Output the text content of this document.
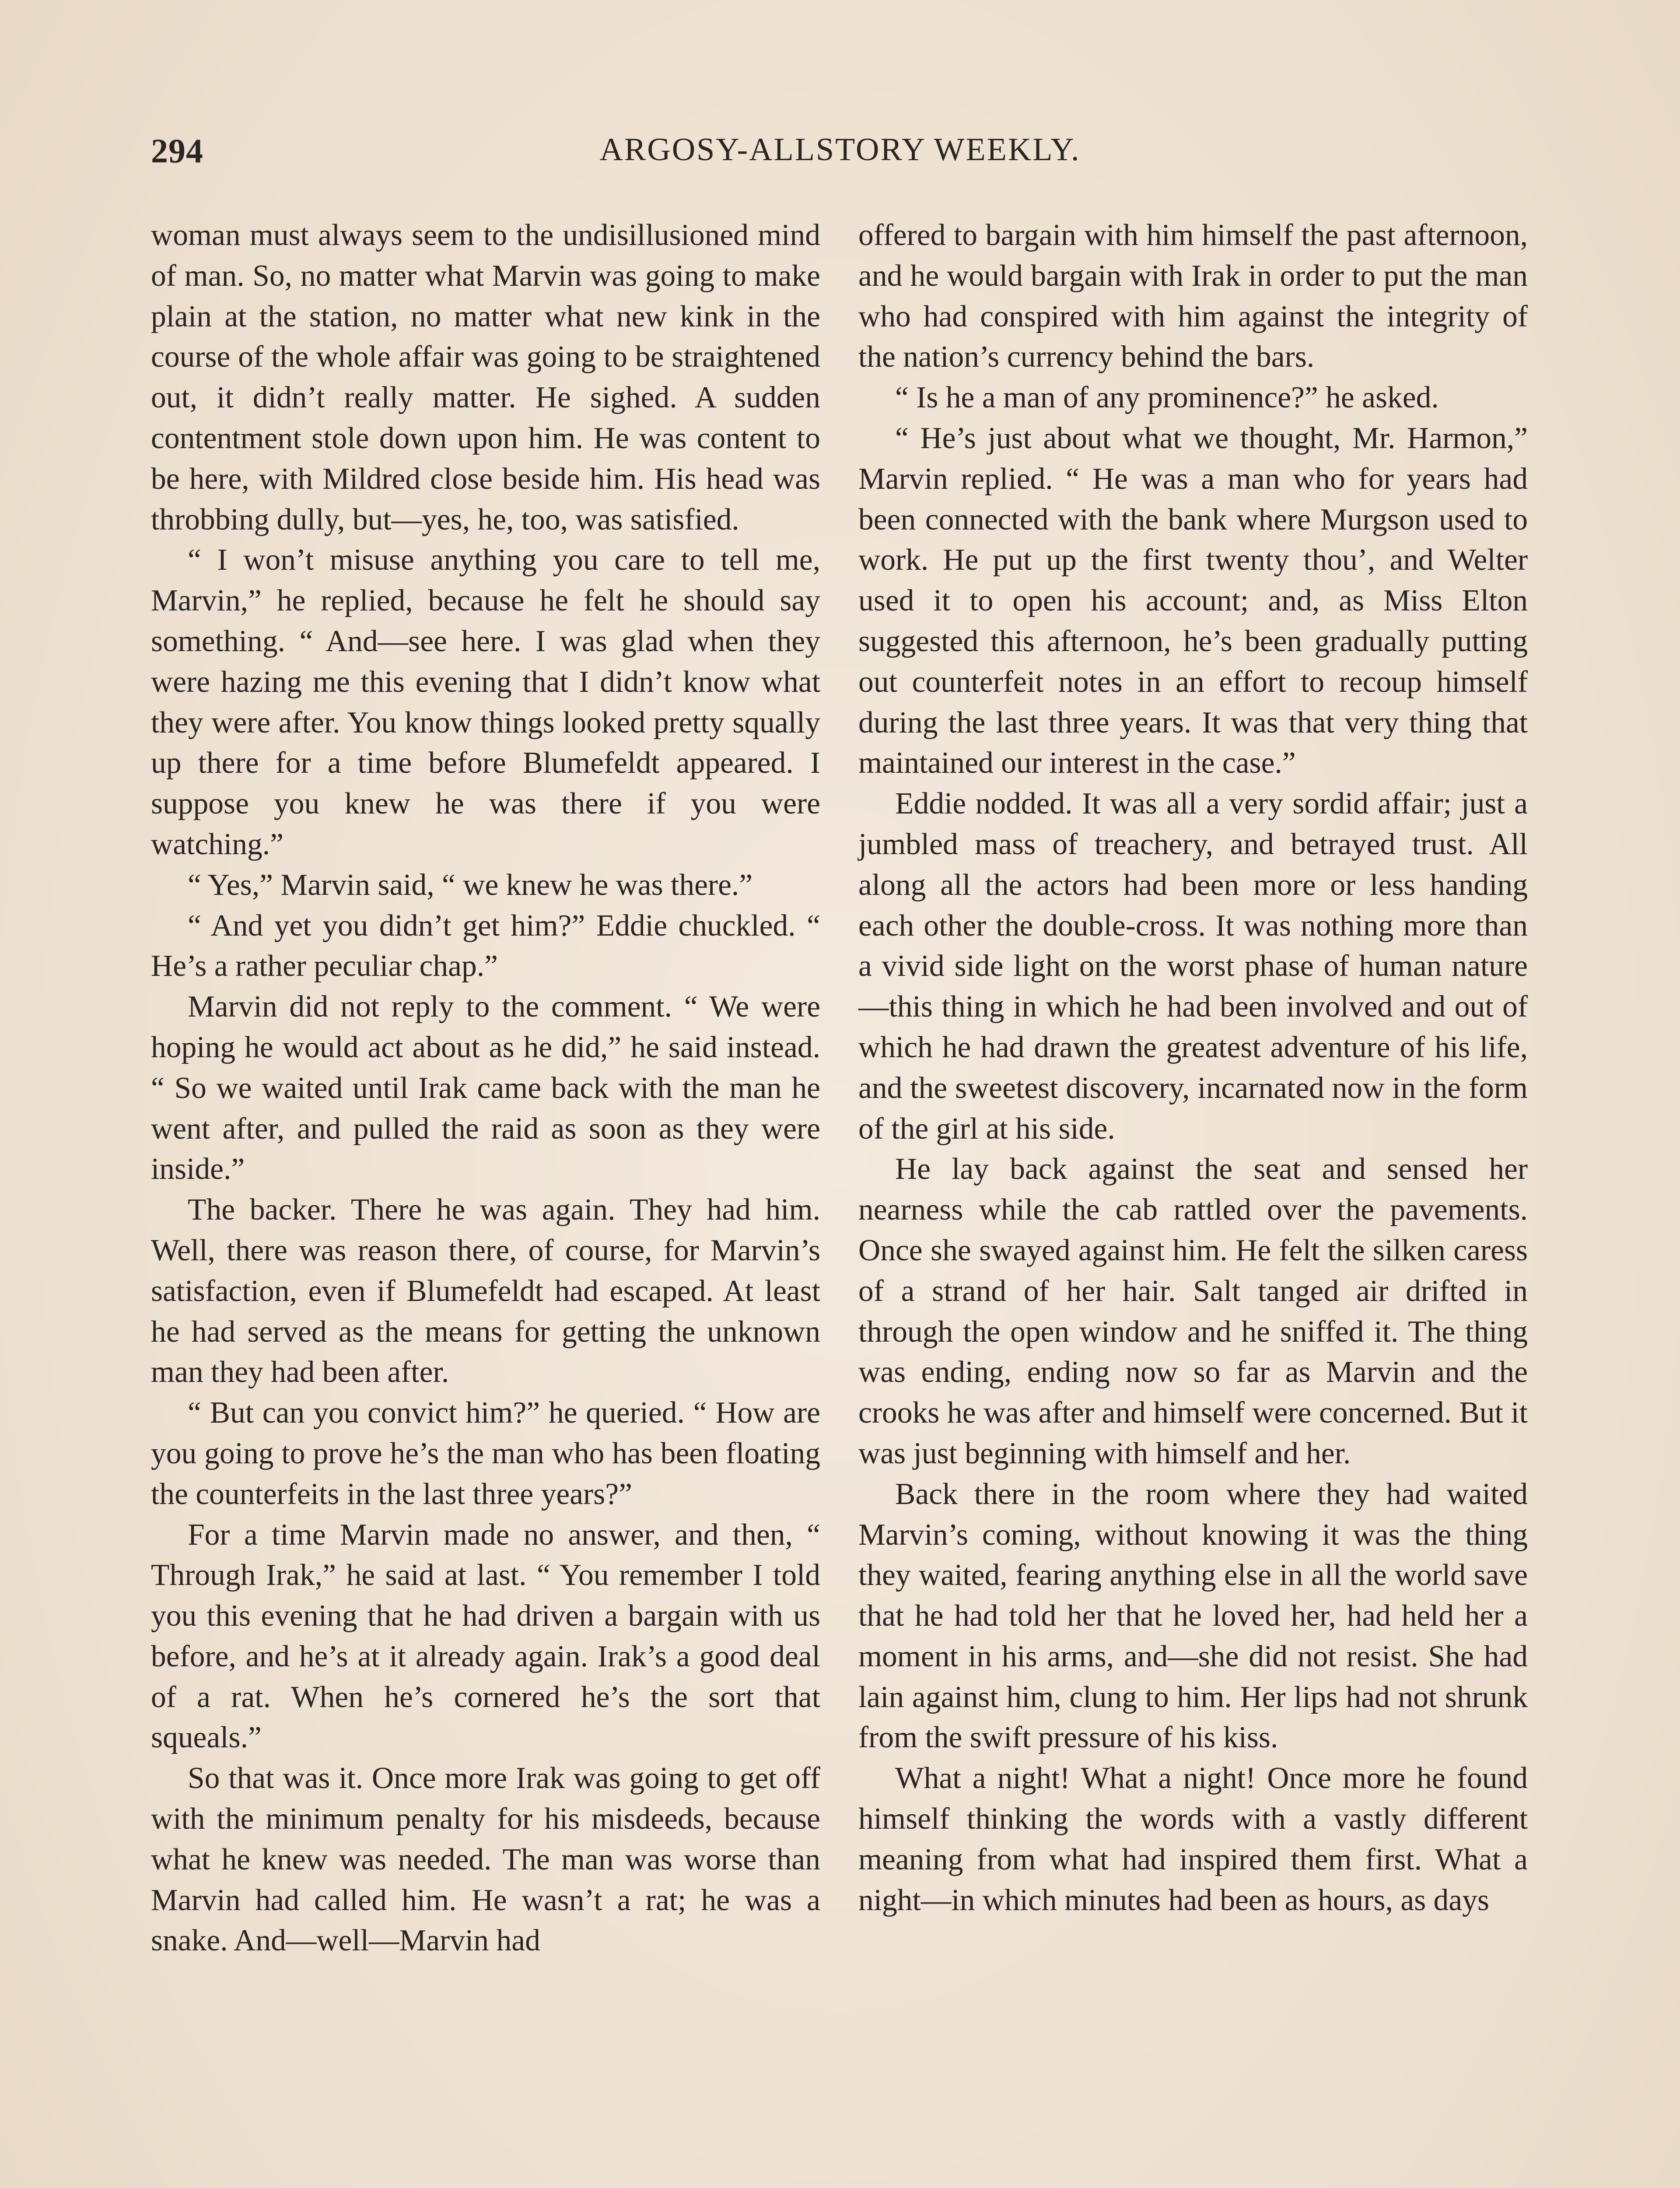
294	ARGOSY-ALLSTORY WEEKLY.

woman must always seem to the undisillusioned mind of man. So, no matter what Marvin was going to make plain at the station, no matter what new kink in the course of the whole affair was going to be straightened out, it didn’t really matter. He sighed. A sudden contentment stole down upon him. He was content to be here, with Mildred close beside him. His head was throbbing dully, but—yes, he, too, was satisfied.

“ I won’t misuse anything you care to tell me, Marvin,” he replied, because he felt he should say something. “ And—see here. I was glad when they were hazing me this evening that I didn’t know what they were after. You know things looked pretty squally up there for a time before Blumefeldt appeared. I suppose you knew he was there if you were watching.”

“ Yes,” Marvin said, “ we knew he was there.”

“ And yet you didn’t get him?” Eddie chuckled. “ He’s a rather peculiar chap.”

Marvin did not reply to the comment. “ We were hoping he would act about as he did,” he said instead. “ So we waited until Irak came back with the man he went after, and pulled the raid as soon as they were inside.”

The backer. There he was again. They had him. Well, there was reason there, of course, for Marvin’s satisfaction, even if Blumefeldt had escaped. At least he had served as the means for getting the unknown man they had been after.

“ But can you convict him?” he queried. “ How are you going to prove he’s the man who has been floating the counterfeits in the last three years?”

For a time Marvin made no answer, and then, “ Through Irak,” he said at last. “ You remember I told you this evening that he had driven a bargain with us before, and he’s at it already again. Irak’s a good deal of a rat. When he’s cornered he’s the sort that squeals.”

So that was it. Once more Irak was going to get off with the minimum penalty for his misdeeds, because what he knew was needed. The man was worse than Marvin had called him. He wasn’t a rat; he was a snake. And—well—Marvin had

offered to bargain with him himself the past afternoon, and he would bargain with Irak in order to put the man who had conspired with him against the integrity of the nation’s currency behind the bars.

“ Is he a man of any prominence?” he asked.

“ He’s just about what we thought, Mr. Harmon,” Marvin replied. “ He was a man who for years had been connected with the bank where Murgson used to work. He put up the first twenty thou’, and Welter used it to open his account; and, as Miss Elton suggested this afternoon, he’s been gradually putting out counterfeit notes in an effort to recoup himself during the last three years. It was that very thing that maintained our interest in the case.”

Eddie nodded. It was all a very sordid affair; just a jumbled mass of treachery, and betrayed trust. All along all the actors had been more or less handing each other the double-cross. It was nothing more than a vivid side light on the worst phase of human nature—this thing in which he had been involved and out of which he had drawn the greatest adventure of his life, and the sweetest discovery, incarnated now in the form of the girl at his side.

He lay back against the seat and sensed her nearness while the cab rattled over the pavements. Once she swayed against him. He felt the silken caress of a strand of her hair. Salt tanged air drifted in through the open window and he sniffed it. The thing was ending, ending now so far as Marvin and the crooks he was after and himself were concerned. But it was just beginning with himself and her.

Back there in the room where they had waited Marvin’s coming, without knowing it was the thing they waited, fearing anything else in all the world save that he had told her that he loved her, had held her a moment in his arms, and—she did not resist. She had lain against him, clung to him. Her lips had not shrunk from the swift pressure of his kiss.

What a night! What a night! Once more he found himself thinking the words with a vastly different meaning from what had inspired them first. What a night—in which minutes had been as hours, as days
